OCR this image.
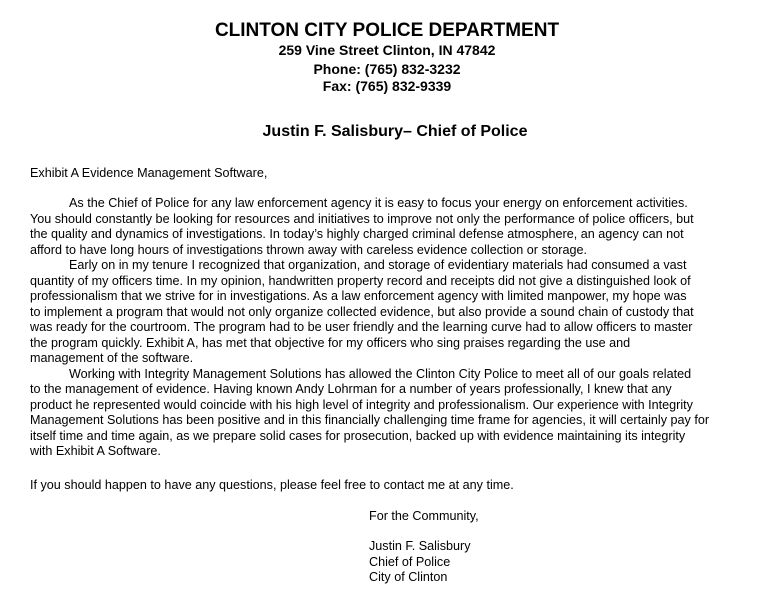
CLINTON CITY POLICE DEPARTMENT
259 Vine Street Clinton, IN 47842
Phone: (765) 832-3232
Fax: (765) 832-9339
Justin F. Salisbury– Chief of Police
Exhibit A Evidence Management Software,
As the Chief of Police for any law enforcement agency it is easy to focus your energy on enforcement activities.
You should constantly be looking for resources and initiatives to improve not only the performance of police officers, but
the quality and dynamics of investigations. In today’s highly charged criminal defense atmosphere, an agency can not
afford to have long hours of investigations thrown away with careless evidence collection or storage.
Early on in my tenure I recognized that organization, and storage of evidentiary materials had consumed a vast
quantity of my officers time. In my opinion, handwritten property record and receipts did not give a distinguished look of
professionalism that we strive for in investigations. As a law enforcement agency with limited manpower, my hope was
to implement a program that would not only organize collected evidence, but also provide a sound chain of custody that
was ready for the courtroom. The program had to be user friendly and the learning curve had to allow officers to master
the program quickly. Exhibit A, has met that objective for my officers who sing praises regarding the use and
management of the software.
Working with Integrity Management Solutions has allowed the Clinton City Police to meet all of our goals related
to the management of evidence. Having known Andy Lohrman for a number of years professionally, I knew that any
product he represented would coincide with his high level of integrity and professionalism. Our experience with Integrity
Management Solutions has been positive and in this financially challenging time frame for agencies, it will certainly pay for
itself time and time again, as we prepare solid cases for prosecution, backed up with evidence maintaining its integrity
with Exhibit A Software.
If you should happen to have any questions, please feel free to contact me at any time.
For the Community,
Justin F. Salisbury
Chief of Police
City of Clinton
